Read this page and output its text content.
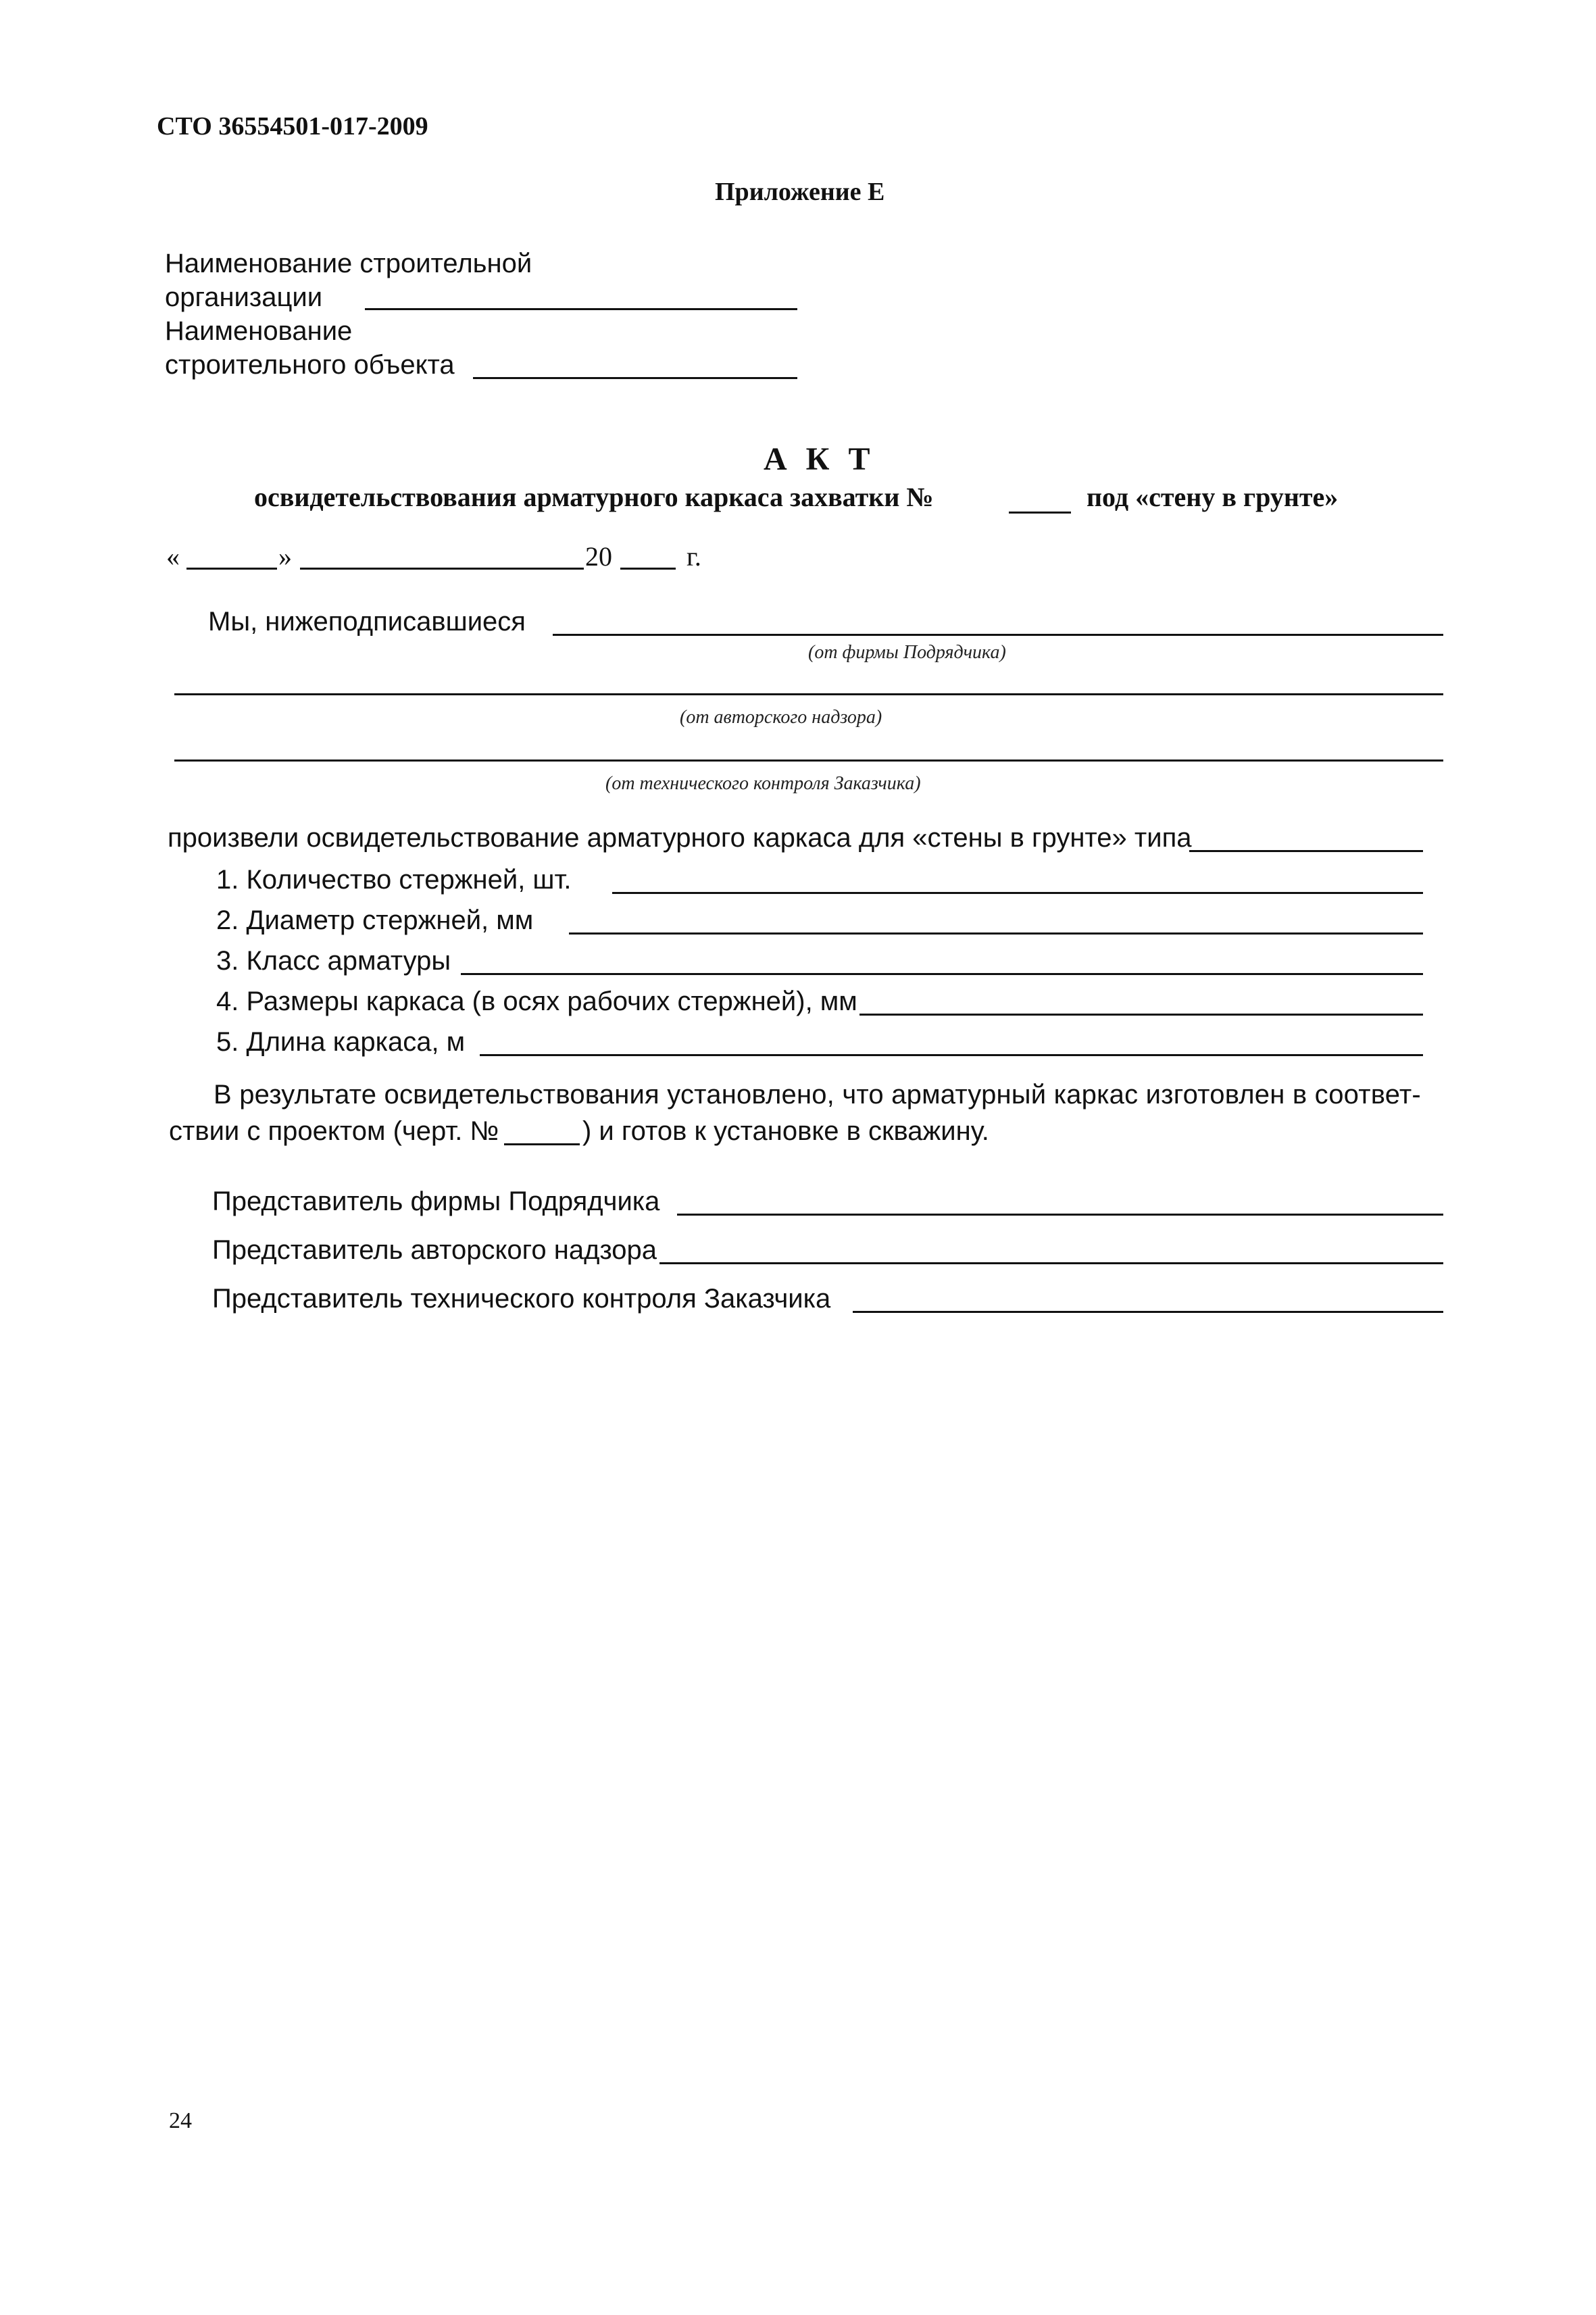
СТО 36554501-017-2009
Приложение Е
Наименование строительной
организации
Наименование
строительного объекта
А К Т
освидетельствования арматурного каркаса захватки №	под «стену в грунте»
«	»	20	г.
Мы, нижеподписавшиеся
(от фирмы Подрядчика)
(от авторского надзора)
(от технического контроля Заказчика)
произвели освидетельствование арматурного каркаса для «стены в грунте» типа
1. Количество стержней, шт.
2. Диаметр стержней, мм
3. Класс арматуры
4. Размеры каркаса (в осях рабочих стержней), мм
5. Длина каркаса, м
В результате освидетельствования установлено, что арматурный каркас изготовлен в соответ-
ствии с проектом (черт. №	) и готов к установке в скважину.
Представитель фирмы Подрядчика
Представитель авторского надзора
Представитель технического контроля Заказчика
24
